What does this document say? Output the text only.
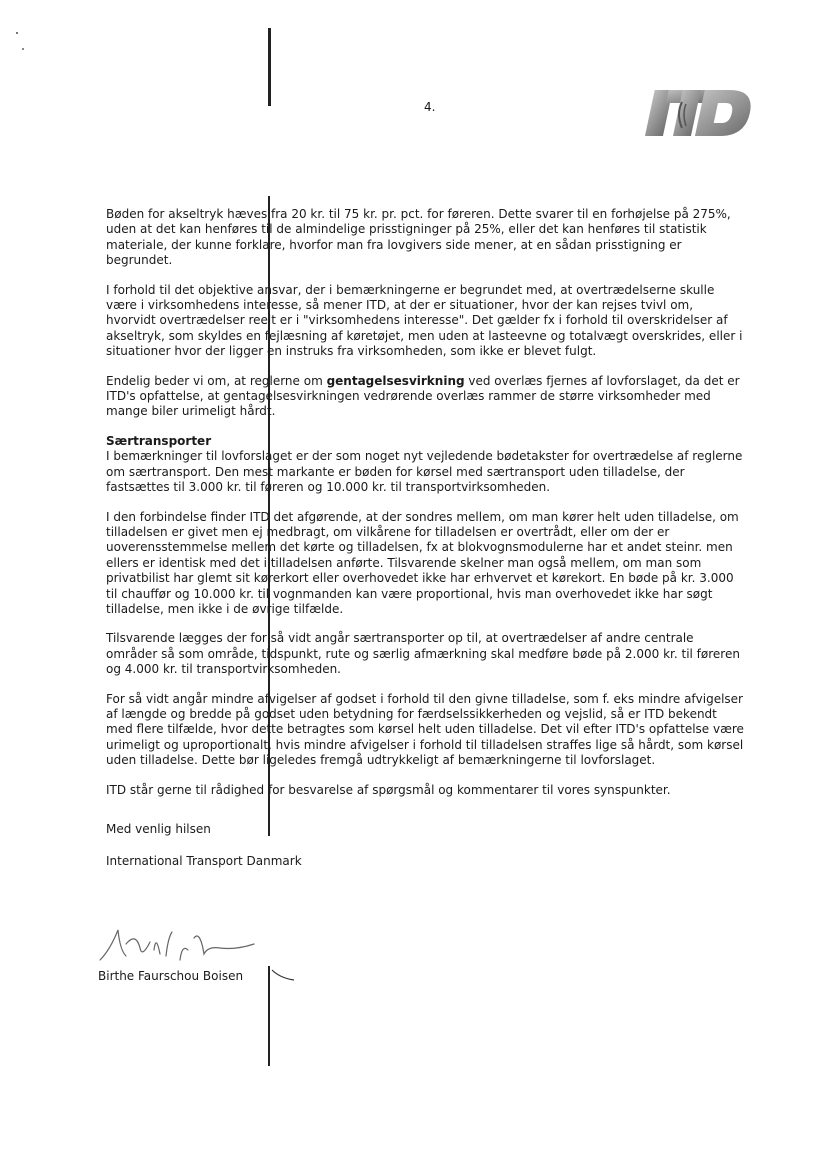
4.

Bøden for akseltryk hæves fra 20 kr. til 75 kr. pr. pct. for føreren. Dette svarer til en forhøjelse på 275%, uden at det kan henføres til de almindelige prisstigninger på 25%, eller det kan henføres til statistik materiale, der kunne forklare, hvorfor man fra lovgivers side mener, at en sådan prisstigning er begrundet.

I forhold til det objektive ansvar, der i bemærkningerne er begrundet med, at overtrædelserne skulle være i virksomhedens interesse, så mener ITD, at der er situationer, hvor der kan rejses tvivl om, hvorvidt overtrædelser reelt er i "virksomhedens interesse". Det gælder fx i forhold til overskridelser af akseltryk, som skyldes en fejlæsning af køretøjet, men uden at lasteevne og totalvægt overskrides, eller i situationer hvor der ligger en instruks fra virksomheden, som ikke er blevet fulgt.

Endelig beder vi om, at reglerne om gentagelsesvirkning ved overlæs fjernes af lovforslaget, da det er ITD's opfattelse, at gentagelsesvirkningen vedrørende overlæs rammer de større virksomheder med mange biler urimeligt hårdt.

Særtransporter

I bemærkninger til lovforslaget er der som noget nyt vejledende bødetakster for overtrædelse af reglerne om særtransport. Den mest markante er bøden for kørsel med særtransport uden tilladelse, der fastsættes til 3.000 kr. til føreren og 10.000 kr. til transportvirksomheden.

I den forbindelse finder ITD det afgørende, at der sondres mellem, om man kører helt uden tilladelse, om tilladelsen er givet men ej medbragt, om vilkårene for tilladelsen er overtrådt, eller om der er uoverensstemmelse mellem det kørte og tilladelsen, fx at blokvognsmodulerne har et andet steinr. men ellers er identisk med det i tilladelsen anførte. Tilsvarende skelner man også mellem, om man som privatbilist har glemt sit kørerkort eller overhovedet ikke har erhvervet et kørekort. En bøde på kr. 3.000 til chauffør og 10.000 kr. til vognmanden kan være proportional, hvis man overhovedet ikke har søgt tilladelse, men ikke i de øvrige tilfælde.

Tilsvarende lægges der for så vidt angår særtransporter op til, at overtrædelser af andre centrale områder så som område, tidspunkt, rute og særlig afmærkning skal medføre bøde på 2.000 kr. til føreren og 4.000 kr. til transportvirksomheden.

For så vidt angår mindre afvigelser af godset i forhold til den givne tilladelse, som f. eks mindre afvigelser af længde og bredde på godset uden betydning for færdselssikkerheden og vejslid, så er ITD bekendt med flere tilfælde, hvor dette betragtes som kørsel helt uden tilladelse. Det vil efter ITD's opfattelse være urimeligt og uproportionalt, hvis mindre afvigelser i forhold til tilladelsen straffes lige så hårdt, som kørsel uden tilladelse. Dette bør ligeledes fremgå udtrykkeligt af bemærkningerne til lovforslaget.

ITD står gerne til rådighed for besvarelse af spørgsmål og kommentarer til vores synspunkter.

Med venlig hilsen

International Transport Danmark

Birthe Faurschou Boisen
